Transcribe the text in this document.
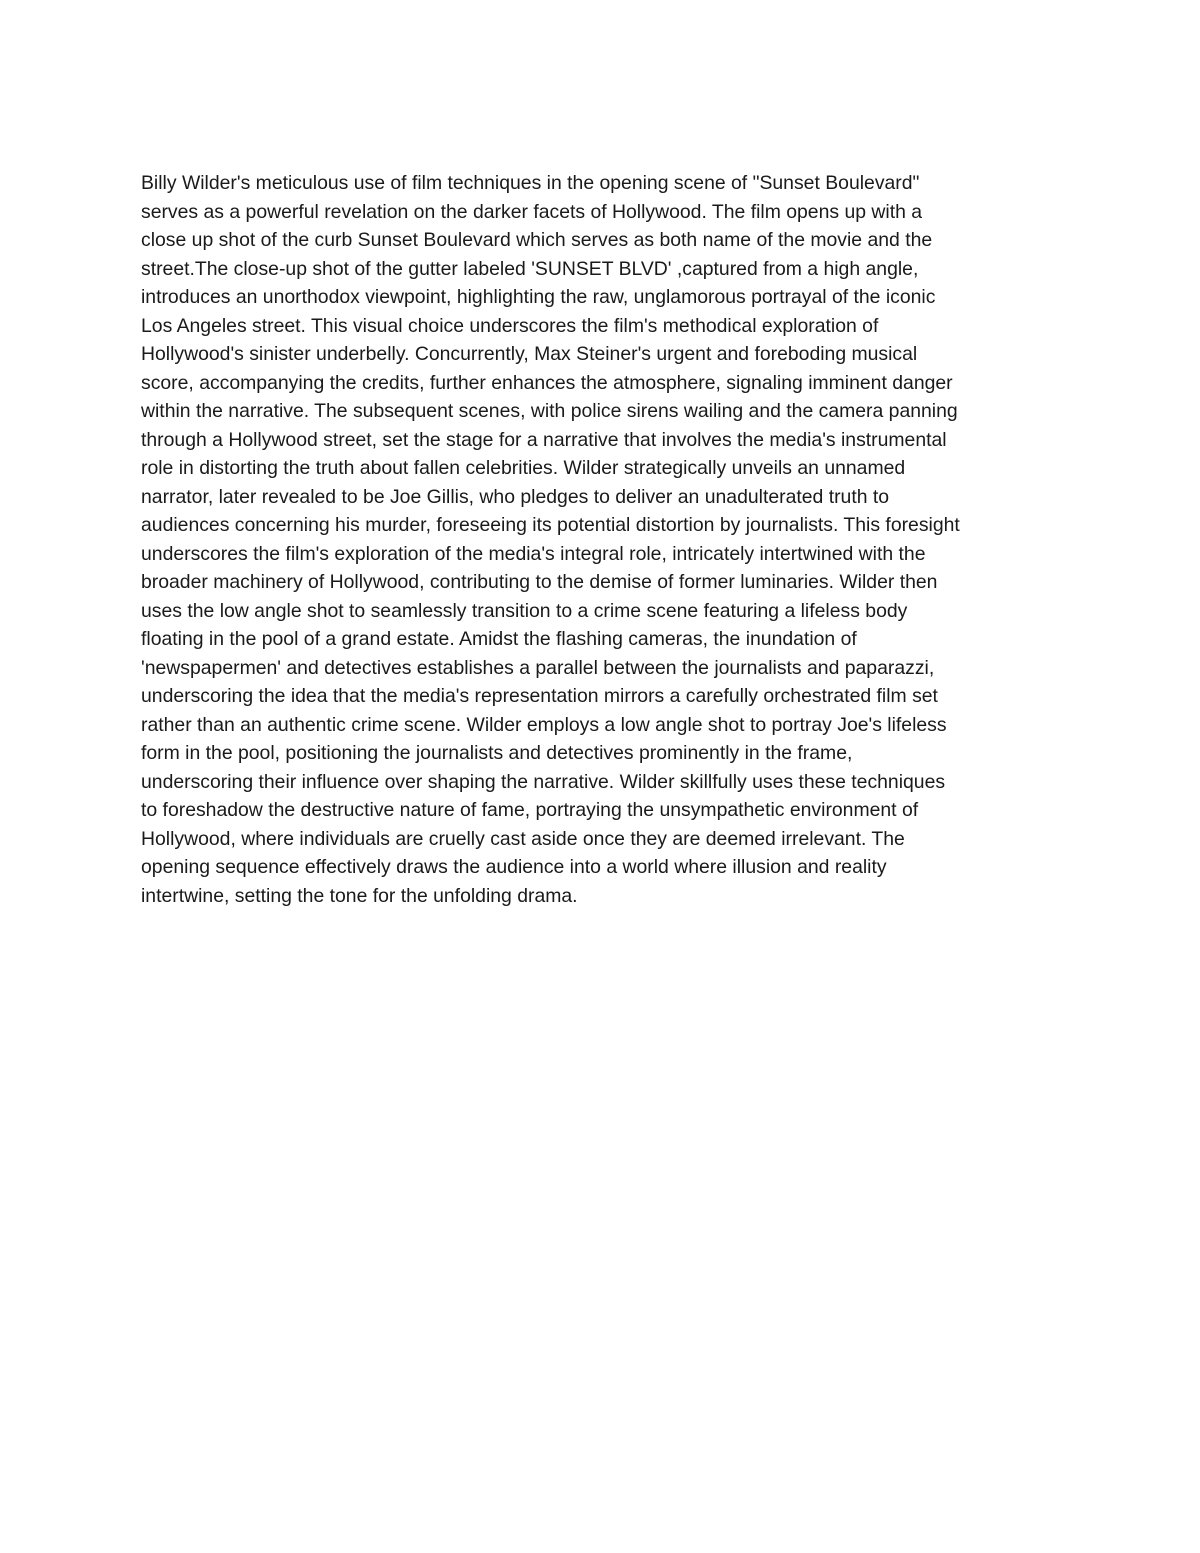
Billy Wilder's meticulous use of film techniques in the opening scene of "Sunset Boulevard"
serves as a powerful revelation on the darker facets of Hollywood. The film opens up with a
close up shot of the curb Sunset Boulevard which serves as both name of the movie and the
street.The close-up shot of the gutter labeled 'SUNSET BLVD' ,captured from a high angle,
introduces an unorthodox viewpoint, highlighting the raw, unglamorous portrayal of the iconic
Los Angeles street. This visual choice underscores the film's methodical exploration of
Hollywood's sinister underbelly. Concurrently, Max Steiner's urgent and foreboding musical
score, accompanying the credits, further enhances the atmosphere, signaling imminent danger
within the narrative. The subsequent scenes, with police sirens wailing and the camera panning
through a Hollywood street, set the stage for a narrative that involves the media's instrumental
role in distorting the truth about fallen celebrities. Wilder strategically unveils an unnamed
narrator, later revealed to be Joe Gillis, who pledges to deliver an unadulterated truth to
audiences concerning his murder, foreseeing its potential distortion by journalists. This foresight
underscores the film's exploration of the media's integral role, intricately intertwined with the
broader machinery of Hollywood, contributing to the demise of former luminaries. Wilder then
uses the low angle shot to seamlessly transition to a crime scene featuring a lifeless body
floating in the pool of a grand estate. Amidst the flashing cameras, the inundation of
'newspapermen' and detectives establishes a parallel between the journalists and paparazzi,
underscoring the idea that the media's representation mirrors a carefully orchestrated film set
rather than an authentic crime scene. Wilder employs a low angle shot to portray Joe's lifeless
form in the pool, positioning the journalists and detectives prominently in the frame,
underscoring their influence over shaping the narrative. Wilder skillfully uses these techniques
to foreshadow the destructive nature of fame, portraying the unsympathetic environment of
Hollywood, where individuals are cruelly cast aside once they are deemed irrelevant. The
opening sequence effectively draws the audience into a world where illusion and reality
intertwine, setting the tone for the unfolding drama.
